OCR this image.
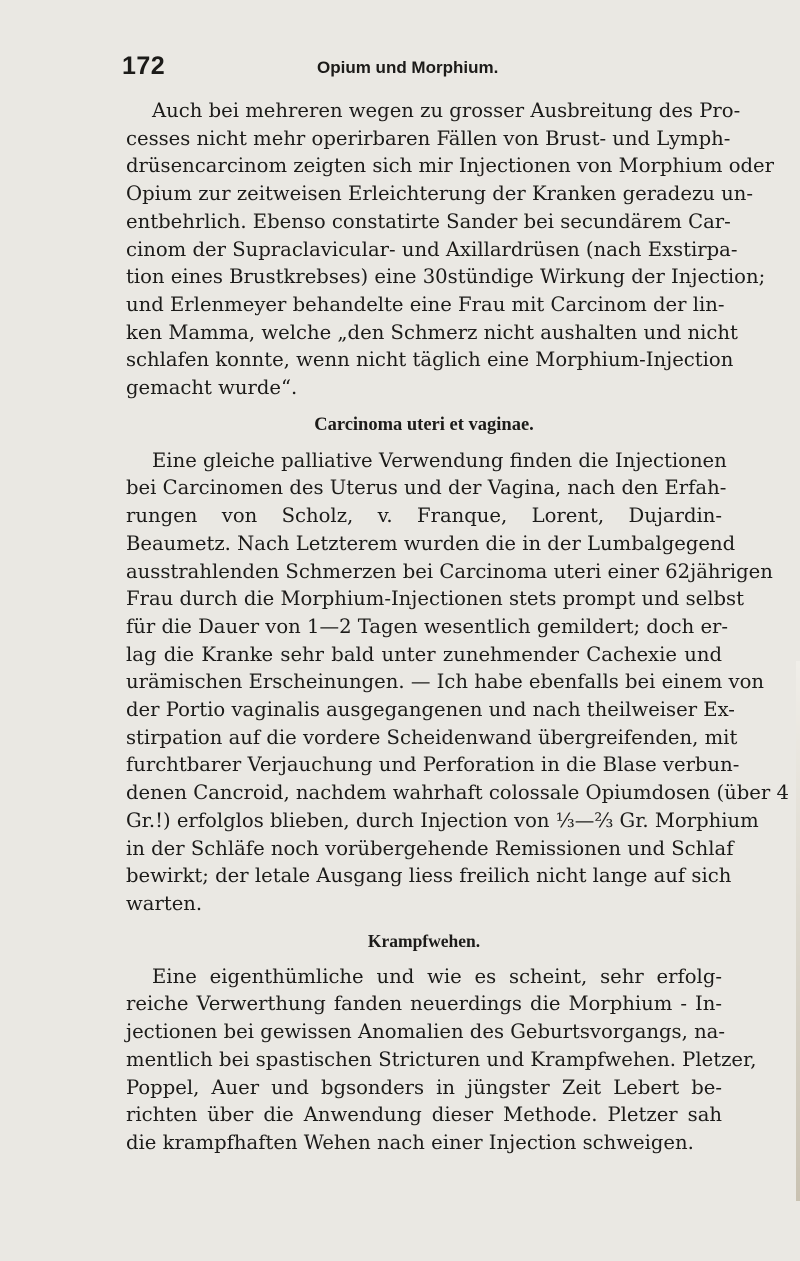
172	Opium und Morphium.
Auch bei mehreren wegen zu grosser Ausbreitung des Pro-
cesses nicht mehr operirbaren Fällen von Brust- und Lymph-
drüsencarcinom zeigten sich mir Injectionen von Morphium oder
Opium zur zeitweisen Erleichterung der Kranken geradezu un-
entbehrlich. Ebenso constatirte Sander bei secundärem Car-
cinom der Supraclavicular- und Axillardrüsen (nach Exstirpa-
tion eines Brustkrebses) eine 30stündige Wirkung der Injection;
und Erlenmeyer behandelte eine Frau mit Carcinom der lin-
ken Mamma, welche „den Schmerz nicht aushalten und nicht
schlafen konnte, wenn nicht täglich eine Morphium-Injection
gemacht wurde“.
Carcinoma uteri et vaginae.
Eine gleiche palliative Verwendung finden die Injectionen
bei Carcinomen des Uterus und der Vagina, nach den Erfah-
rungen von Scholz, v. Franque, Lorent, Dujardin-
Beaumetz. Nach Letzterem wurden die in der Lumbalgegend
ausstrahlenden Schmerzen bei Carcinoma uteri einer 62jährigen
Frau durch die Morphium-Injectionen stets prompt und selbst
für die Dauer von 1—2 Tagen wesentlich gemildert; doch er-
lag die Kranke sehr bald unter zunehmender Cachexie und
urämischen Erscheinungen. — Ich habe ebenfalls bei einem von
der Portio vaginalis ausgegangenen und nach theilweiser Ex-
stirpation auf die vordere Scheidenwand übergreifenden, mit
furchtbarer Verjauchung und Perforation in die Blase verbun-
denen Cancroid, nachdem wahrhaft colossale Opiumdosen (über 4
Gr.!) erfolglos blieben, durch Injection von ⅓—⅔ Gr. Morphium
in der Schläfe noch vorübergehende Remissionen und Schlaf
bewirkt; der letale Ausgang liess freilich nicht lange auf sich
warten.
Krampfwehen.
Eine eigenthümliche und wie es scheint, sehr erfolg-
reiche Verwerthung fanden neuerdings die Morphium - In-
jectionen bei gewissen Anomalien des Geburtsvorgangs, na-
mentlich bei spastischen Stricturen und Krampfwehen. Pletzer,
Poppel, Auer und bgsonders in jüngster Zeit Lebert be-
richten über die Anwendung dieser Methode. Pletzer sah
die krampfhaften Wehen nach einer Injection schweigen.
